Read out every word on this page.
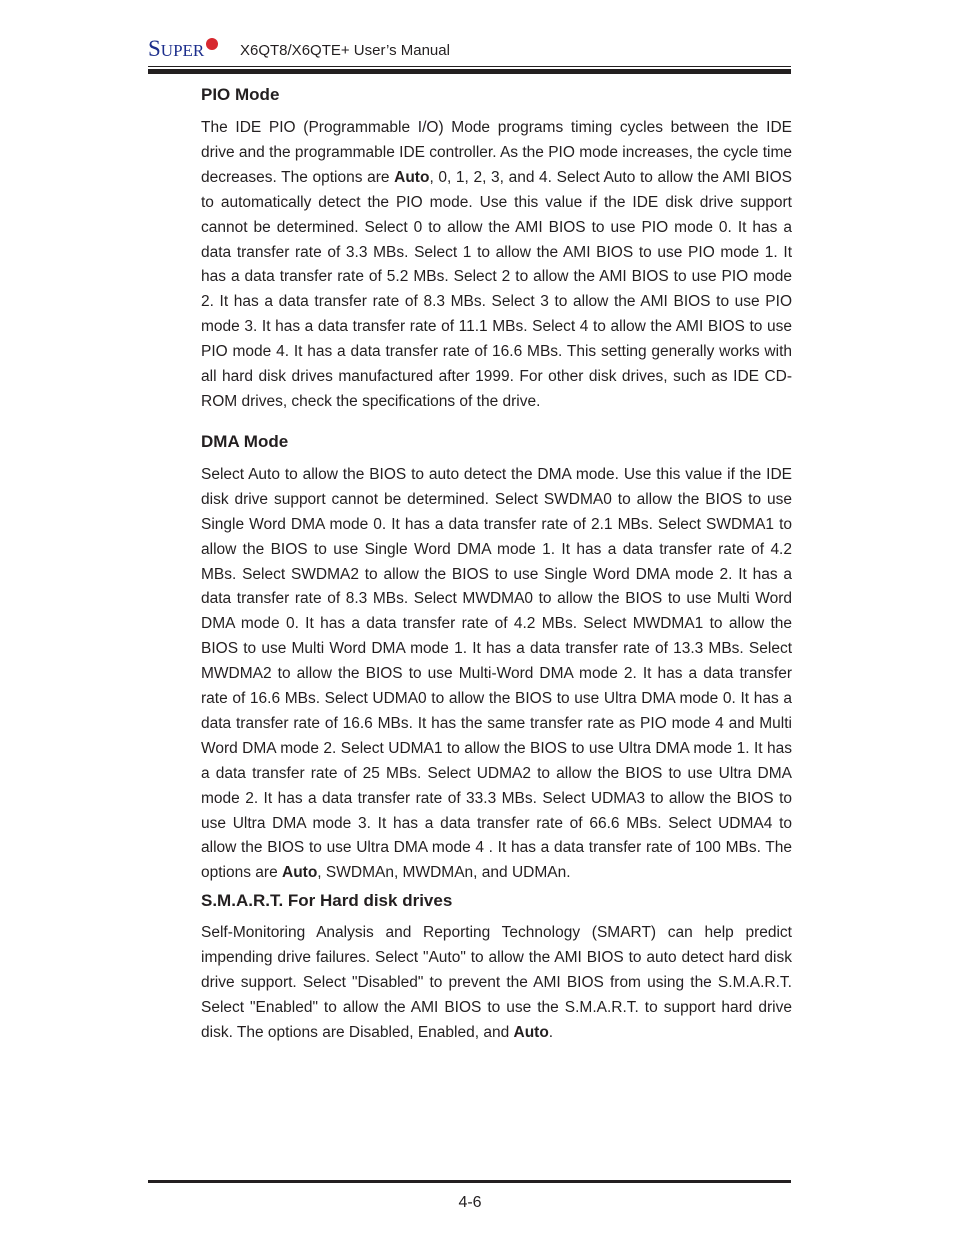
SUPER	X6QT8/X6QTE+ User’s Manual
PIO Mode

The IDE PIO (Programmable I/O) Mode programs timing cycles between the IDE drive and the programmable IDE controller. As the PIO mode increases, the cycle time decreases. The options are Auto, 0, 1, 2, 3, and 4. Select Auto to allow the AMI BIOS to automatically detect the PIO mode. Use this value if the IDE disk drive support cannot be determined. Select 0 to allow the AMI BIOS to use PIO mode 0. It has a data transfer rate of 3.3 MBs. Select 1 to allow the AMI BIOS to use PIO mode 1. It has a data transfer rate of 5.2 MBs. Select 2 to allow the AMI BIOS to use PIO mode 2. It has a data transfer rate of 8.3 MBs. Select 3 to allow the AMI BIOS to use PIO mode 3. It has a data transfer rate of 11.1 MBs. Select 4 to allow the AMI BIOS to use PIO mode 4. It has a data transfer rate of 16.6 MBs. This setting generally works with all hard disk drives manufactured after 1999. For other disk drives, such as IDE CD-ROM drives, check the specifications of the drive.

DMA Mode

Select Auto to allow the BIOS to auto detect the DMA mode. Use this value if the IDE disk drive support cannot be determined. Select SWDMA0 to allow the BIOS to use Single Word DMA mode 0. It has a data transfer rate of 2.1 MBs. Select SWDMA1 to allow the BIOS to use Single Word DMA mode 1. It has a data transfer rate of 4.2 MBs. Select SWDMA2 to allow the BIOS to use Single Word DMA mode 2. It has a data transfer rate of 8.3 MBs. Select MWDMA0 to allow the BIOS to use Multi Word DMA mode 0. It has a data transfer rate of 4.2 MBs. Select MWDMA1 to allow the BIOS to use Multi Word DMA mode 1. It has a data transfer rate of 13.3 MBs. Select MWDMA2 to allow the BIOS to use Multi-Word DMA mode 2. It has a data transfer rate of 16.6 MBs. Select UDMA0 to allow the BIOS to use Ultra DMA mode 0. It has a data transfer rate of 16.6 MBs. It has the same transfer rate as PIO mode 4 and Multi Word DMA mode 2. Select UDMA1 to allow the BIOS to use Ultra DMA mode 1. It has a data transfer rate of 25 MBs. Select UDMA2 to allow the BIOS to use Ultra DMA mode 2. It has a data transfer rate of 33.3 MBs. Select UDMA3 to allow the BIOS to use Ultra DMA mode 3. It has a data transfer rate of 66.6 MBs. Select UDMA4 to allow the BIOS to use Ultra DMA mode 4 . It has a data transfer rate of 100 MBs. The options are Auto, SWDMAn, MWDMAn, and UDMAn.

S.M.A.R.T. For Hard disk drives

Self-Monitoring Analysis and Reporting Technology (SMART) can help predict impending drive failures. Select "Auto" to allow the AMI BIOS to auto detect hard disk drive support. Select "Disabled" to prevent the AMI BIOS from using the S.M.A.R.T. Select "Enabled" to allow the AMI BIOS to use the S.M.A.R.T. to support hard drive disk. The options are Disabled, Enabled, and Auto.

4-6
